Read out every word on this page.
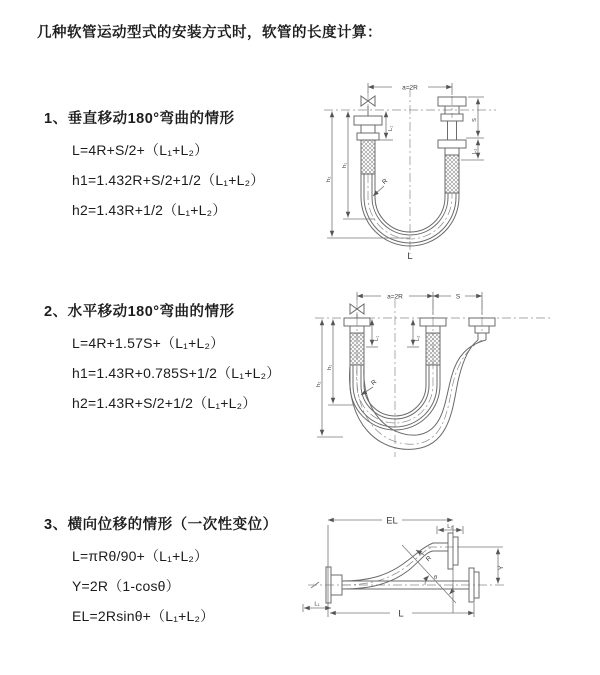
几种软管运动型式的安装方式时，软管的长度计算：
1、垂直移动180°弯曲的情形
L=4R+S/2+（L₁+L₂）
h1=1.432R+S/2+1/2（L₁+L₂）
h2=1.43R+1/2（L₁+L₂）
2、水平移动180°弯曲的情形
L=4R+1.57S+（L₁+L₂）
h1=1.43R+0.785S+1/2（L₁+L₂）
h2=1.43R+S/2+1/2（L₁+L₂）
3、横向位移的情形（一次性变位）
L=πRθ/90+（L₁+L₂）
Y=2R（1-cosθ）
EL=2Rsinθ+（L₁+L₂）
a=2R
L₁
S
L₂
h₁
h₂	R
L
a=2R	S
h₁
h₂
L₁	L₂
R
θ
EL
L₂
Y
L
L₁
R
